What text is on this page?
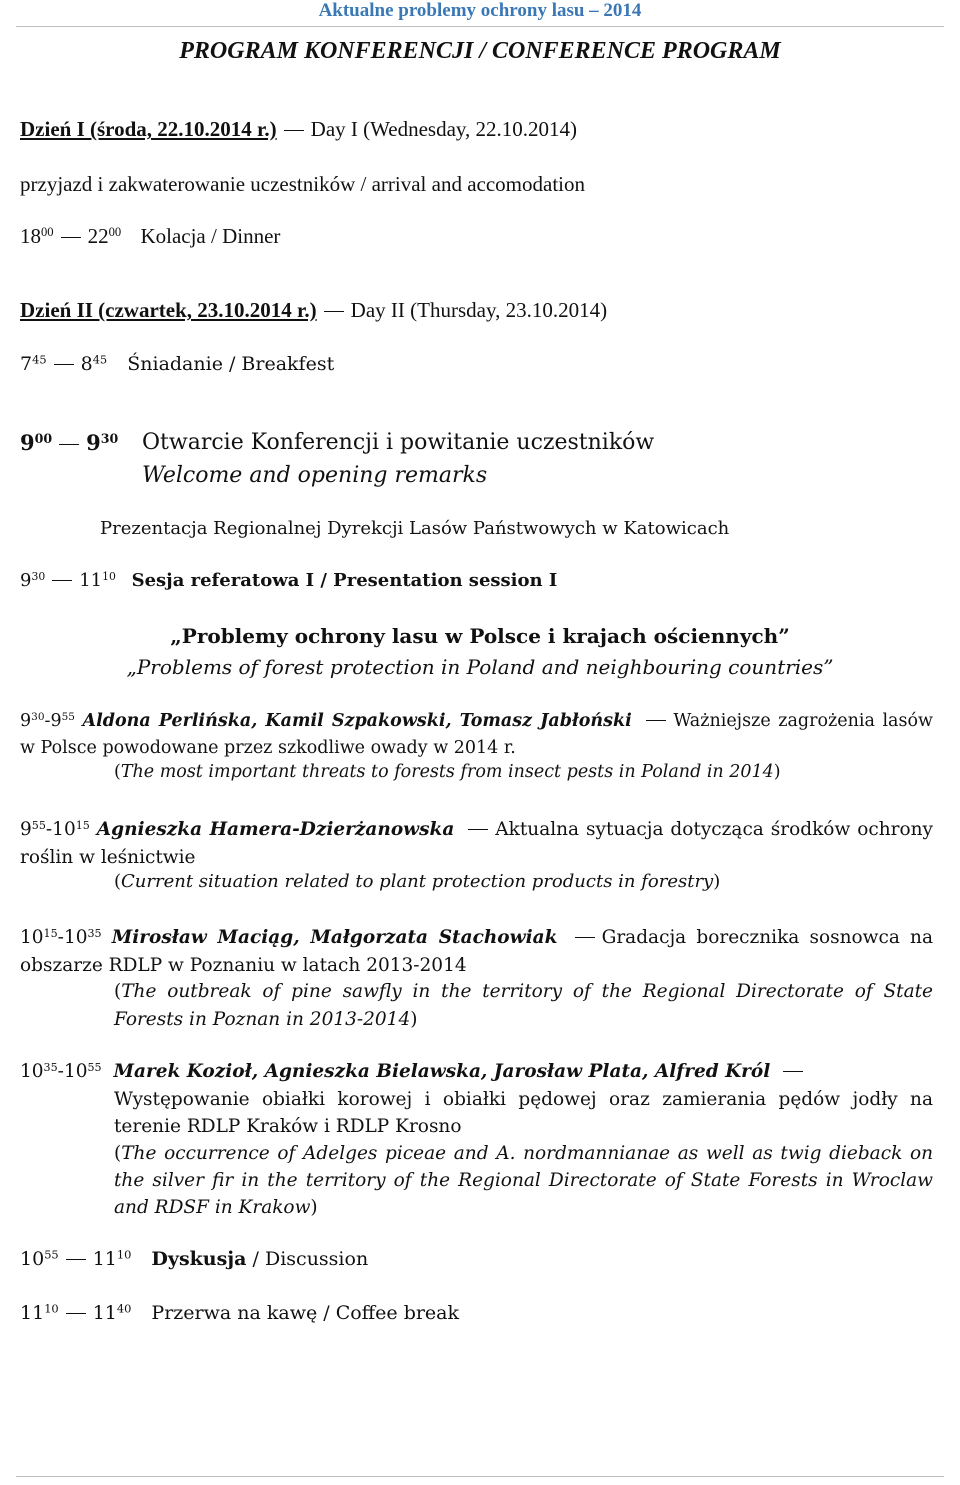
Aktualne problemy ochrony lasu – 2014
PROGRAM KONFERENCJI / CONFERENCE PROGRAM
Dzień I (środa, 22.10.2014 r.) Day I (Wednesday, 22.10.2014)
przyjazd i zakwaterowanie uczestników / arrival and accomodation
$18^{00}$ $22^{00}$ Kolacja / Dinner
Dzień II (czwartek, 23.10.2014 r.) Day II (Thursday, 23.10.2014)
$7^{45}$ $8^{45}$ Śniadanie / Breakfest
$9^{00}$ $9^{30}$ Otwarcie Konferencji i powitanie uczestników
Welcome and opening remarks
Prezentacja Regionalnej Dyrekcji Lasów Państwowych w Katowicach
$9^{30}$ $11^{10}$ Sesja referatowa I / Presentation session I
„Problemy ochrony lasu w Polsce i krajach ościennych”
„Problems of forest protection in Poland and neighbouring countries”
$9^{30}-9^{55}$ Aldona Perlińska, Kamil Szpakowski, Tomasz Jabłoński Ważniejsze zagrożenia lasów w Polsce powodowane przez szkodliwe owady w 2014 r.
(The most important threats to forests from insect pests in Poland in 2014)
$9^{55}-10^{15}$ Agnieszka Hamera-Dzierżanowska Aktualna sytuacja dotycząca środków ochrony roślin w leśnictwie
(Current situation related to plant protection products in forestry)
$10^{15}-10^{35}$ Mirosław Maciąg, Małgorzata Stachowiak Gradacja borecznika sosnowca na obszarze RDLP w Poznaniu w latach 2013-2014
(The outbreak of pine sawfly in the territory of the Regional Directorate of State Forests in Poznan in 2013-2014)
$10^{35}-10^{55}$ Marek Kozioł, Agnieszka Bielawska, Jarosław Plata, Alfred Król
Występowanie obiałki korowej i obiałki pędowej oraz zamierania pędów jodły na terenie RDLP Kraków i RDLP Krosno
(The occurrence of Adelges piceae and A. nordmannianae as well as twig dieback on the silver fir in the territory of the Regional Directorate of State Forests in Wroclaw and RDSF in Krakow)
$10^{55}$ $11^{10}$ Dyskusja / Discussion
$11^{10}$ $11^{40}$ Przerwa na kawę / Coffee break
